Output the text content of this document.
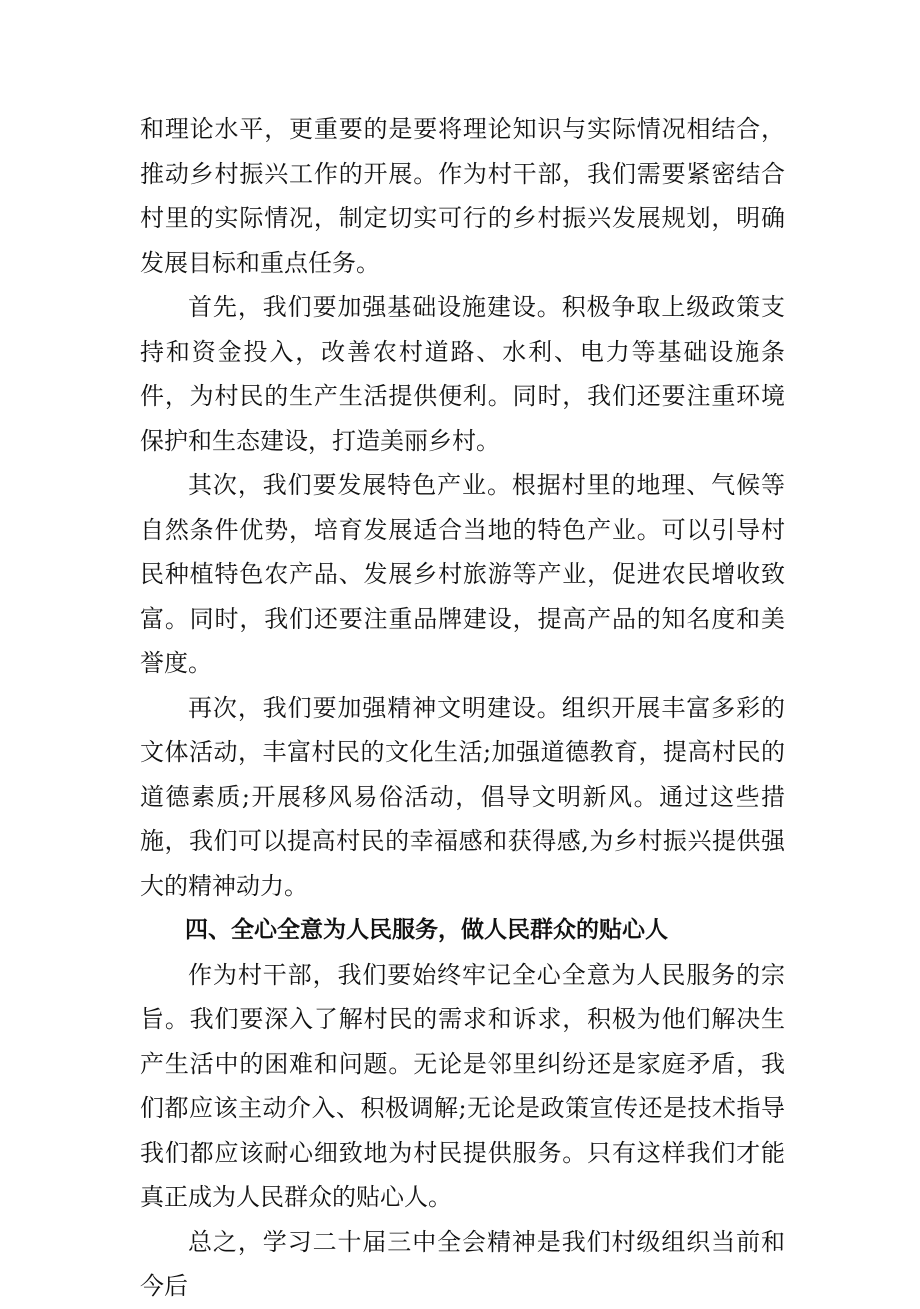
和理论水平，更重要的是要将理论知识与实际情况相结合，推动乡村振兴工作的开展。作为村干部，我们需要紧密结合村里的实际情况，制定切实可行的乡村振兴发展规划，明确发展目标和重点任务。

首先，我们要加强基础设施建设。积极争取上级政策支持和资金投入，改善农村道路、水利、电力等基础设施条件，为村民的生产生活提供便利。同时，我们还要注重环境保护和生态建设，打造美丽乡村。

其次，我们要发展特色产业。根据村里的地理、气候等自然条件优势，培育发展适合当地的特色产业。可以引导村民种植特色农产品、发展乡村旅游等产业，促进农民增收致富。同时，我们还要注重品牌建设，提高产品的知名度和美誉度。

再次，我们要加强精神文明建设。组织开展丰富多彩的文体活动，丰富村民的文化生活;加强道德教育，提高村民的道德素质;开展移风易俗活动，倡导文明新风。通过这些措施，我们可以提高村民的幸福感和获得感,为乡村振兴提供强大的精神动力。

四、全心全意为人民服务，做人民群众的贴心人

作为村干部，我们要始终牢记全心全意为人民服务的宗旨。我们要深入了解村民的需求和诉求，积极为他们解决生产生活中的困难和问题。无论是邻里纠纷还是家庭矛盾，我们都应该主动介入、积极调解;无论是政策宣传还是技术指导我们都应该耐心细致地为村民提供服务。只有这样我们才能真正成为人民群众的贴心人。

总之，学习二十届三中全会精神是我们村级组织当前和今后
